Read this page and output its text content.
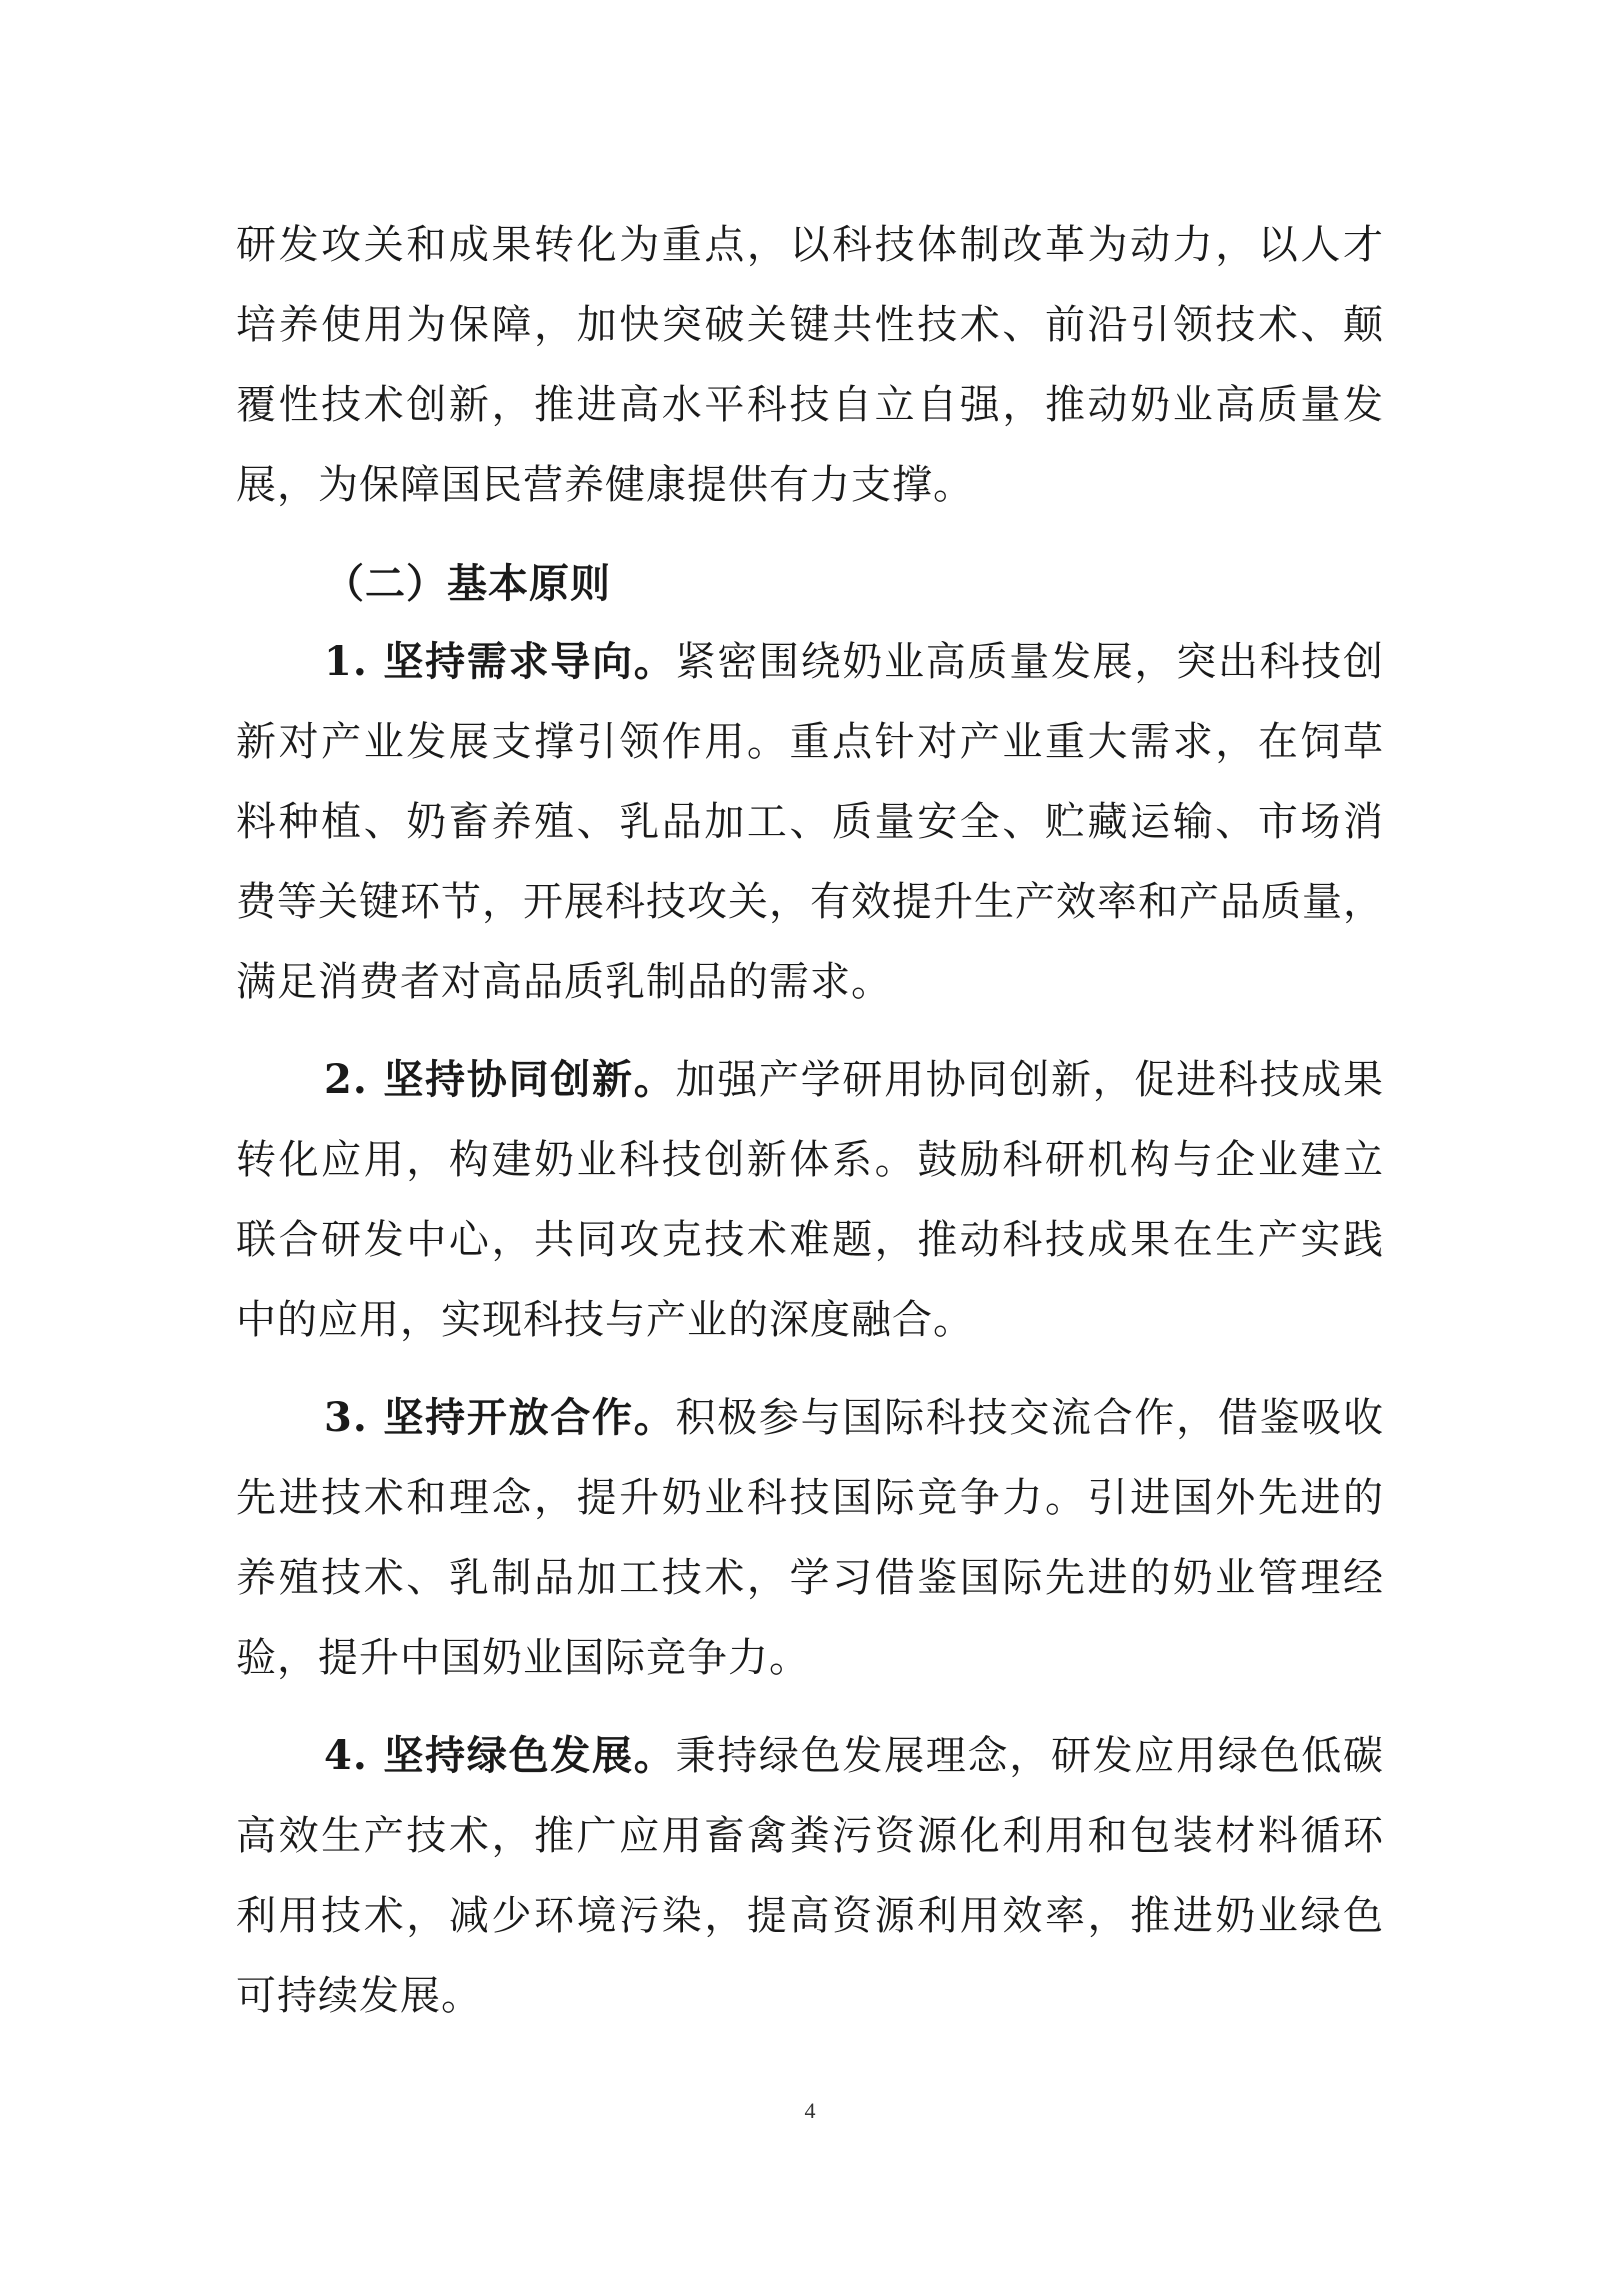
研发攻关和成果转化为重点，以科技体制改革为动力，以人才
培养使用为保障，加快突破关键共性技术、前沿引领技术、颠
覆性技术创新，推进高水平科技自立自强，推动奶业高质量发
展，为保障国民营养健康提供有力支撑。
（二）基本原则
1. 坚持需求导向。紧密围绕奶业高质量发展，突出科技创
新对产业发展支撑引领作用。重点针对产业重大需求，在饲草
料种植、奶畜养殖、乳品加工、质量安全、贮藏运输、市场消
费等关键环节，开展科技攻关，有效提升生产效率和产品质量，
满足消费者对高品质乳制品的需求。
2. 坚持协同创新。加强产学研用协同创新，促进科技成果
转化应用，构建奶业科技创新体系。鼓励科研机构与企业建立
联合研发中心，共同攻克技术难题，推动科技成果在生产实践
中的应用，实现科技与产业的深度融合。
3. 坚持开放合作。积极参与国际科技交流合作，借鉴吸收
先进技术和理念，提升奶业科技国际竞争力。引进国外先进的
养殖技术、乳制品加工技术，学习借鉴国际先进的奶业管理经
验，提升中国奶业国际竞争力。
4. 坚持绿色发展。秉持绿色发展理念，研发应用绿色低碳
高效生产技术，推广应用畜禽粪污资源化利用和包装材料循环
利用技术，减少环境污染，提高资源利用效率，推进奶业绿色
可持续发展。
4
